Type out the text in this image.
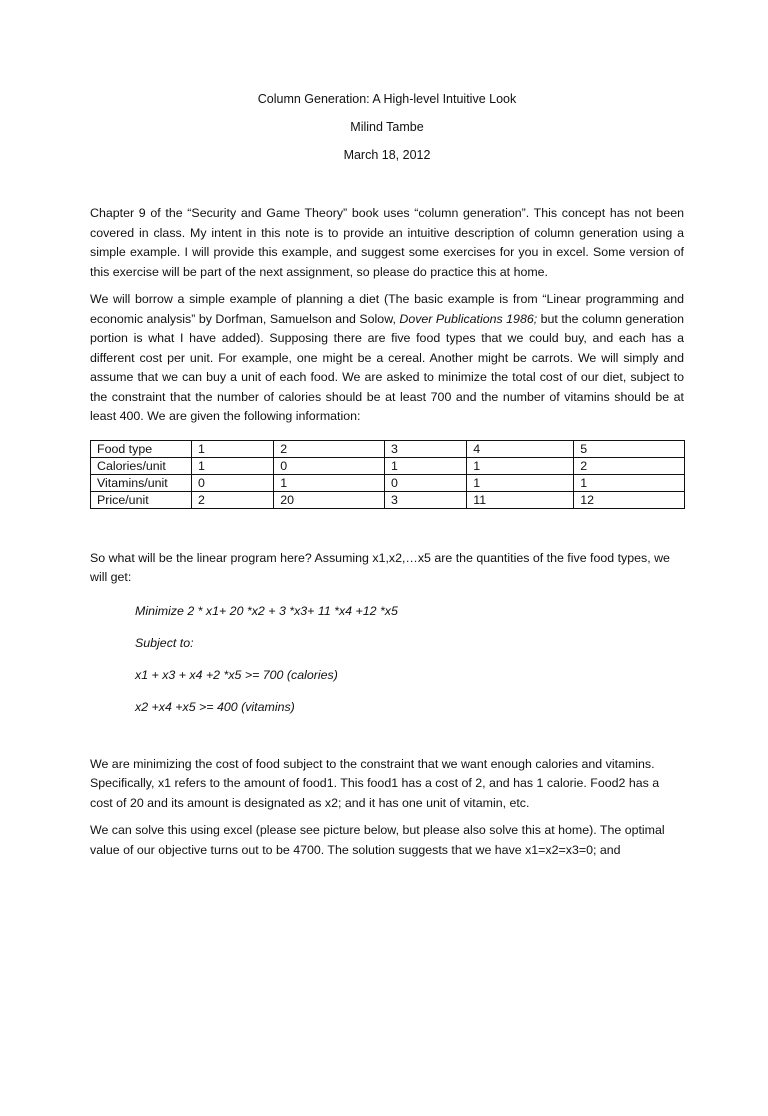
Column Generation: A High-level Intuitive Look
Milind Tambe
March 18, 2012

Chapter 9 of the “Security and Game Theory” book uses “column generation”. This concept has not been covered in class. My intent in this note is to provide an intuitive description of column generation using a simple example. I will provide this example, and suggest some exercises for you in excel. Some version of this exercise will be part of the next assignment, so please do practice this at home.

We will borrow a simple example of planning a diet (The basic example is from “Linear programming and economic analysis” by Dorfman, Samuelson and Solow, Dover Publications 1986; but the column generation portion is what I have added). Supposing there are five food types that we could buy, and each has a different cost per unit. For example, one might be a cereal. Another might be carrots. We will simply and assume that we can buy a unit of each food. We are asked to minimize the total cost of our diet, subject to the constraint that the number of calories should be at least 700 and the number of vitamins should be at least 400. We are given the following information:

Food type	1	2	3	4	5
Calories/unit	1	0	1	1	2
Vitamins/unit	0	1	0	1	1
Price/unit	2	20	3	11	12

So what will be the linear program here? Assuming x1,x2,…x5 are the quantities of the five food types, we will get:

Minimize 2 * x1+ 20 *x2 + 3 *x3+ 11 *x4 +12 *x5
Subject to:
x1 + x3 + x4 +2 *x5 >= 700 (calories)
x2 +x4 +x5 >= 400 (vitamins)

We are minimizing the cost of food subject to the constraint that we want enough calories and vitamins. Specifically, x1 refers to the amount of food1. This food1 has a cost of 2, and has 1 calorie. Food2 has a cost of 20 and its amount is designated as x2; and it has one unit of vitamin, etc.

We can solve this using excel (please see picture below, but please also solve this at home). The optimal value of our objective turns out to be 4700. The solution suggests that we have x1=x2=x3=0; and
